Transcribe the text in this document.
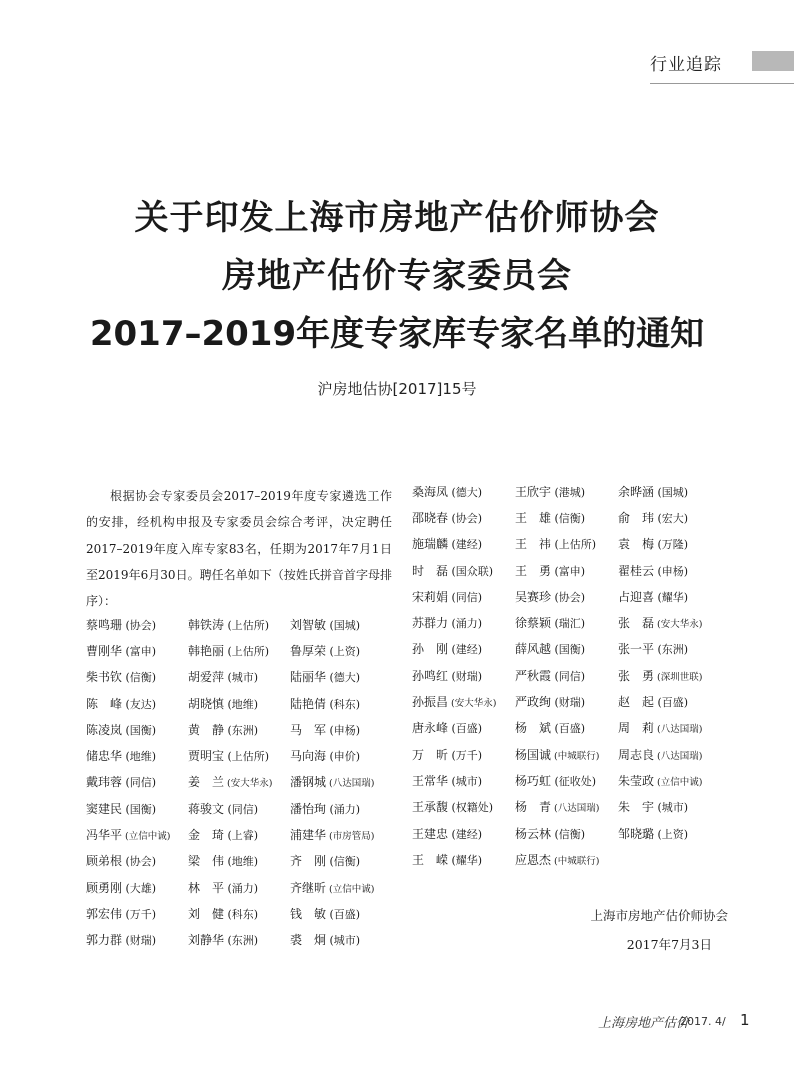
行业追踪
关于印发上海市房地产估价师协会
房地产估价专家委员会
2017–2019年度专家库专家名单的通知
沪房地估协[2017]15号

根据协会专家委员会2017–2019年度专家遴选工作的安排，经机构申报及专家委员会综合考评，决定聘任2017–2019年度入库专家83名，任期为2017年7月1日至2019年6月30日。聘任名单如下（按姓氏拼音首字母排序）：

蔡鸣珊 (协会)	韩铁涛 (上估所)	刘智敏 (国城)
曹刚华 (富申)	韩艳丽 (上估所)	鲁厚荣 (上资)
柴书钦 (信衡)	胡爱萍 (城市)	陆丽华 (德大)
陈　峰 (友达)	胡晓慎 (地维)	陆艳倩 (科东)
陈凌岚 (国衡)	黄　静 (东洲)	马　军 (申杨)
储忠华 (地维)	贾明宝 (上估所)	马向海 (申价)
戴玮蓉 (同信)	姜　兰 (安大华永)	潘钢城 (八达国瑞)
窦建民 (国衡)	蒋骏文 (同信)	潘怡珣 (涌力)
冯华平 (立信中诚)	金　琦 (上睿)	浦建华 (市房管局)
顾弟根 (协会)	梁　伟 (地维)	齐　刚 (信衡)
顾勇刚 (大雄)	林　平 (涌力)	齐继昕 (立信中诚)
郭宏伟 (万千)	刘　健 (科东)	钱　敏 (百盛)
郭力群 (财瑞)	刘静华 (东洲)	裘　炯 (城市)
桑海凤 (德大)	王欣宇 (港城)	余晔涵 (国城)
邵晓春 (协会)	王　雄 (信衡)	俞　玮 (宏大)
施瑞麟 (建经)	王　祎 (上估所)	袁　梅 (万隆)
时　磊 (国众联)	王　勇 (富申)	翟桂云 (申杨)
宋莉娟 (同信)	吴赛珍 (协会)	占迎喜 (耀华)
苏群力 (涌力)	徐蔡颖 (瑞汇)	张　磊 (安大华永)
孙　刚 (建经)	薛风越 (国衡)	张一平 (东洲)
孙鸣红 (财瑞)	严秋霞 (同信)	张　勇 (深圳世联)
孙振昌 (安大华永)	严政绚 (财瑞)	赵　起 (百盛)
唐永峰 (百盛)	杨　斌 (百盛)	周　莉 (八达国瑞)
万　昕 (万千)	杨国诚 (中城联行)	周志良 (八达国瑞)
王常华 (城市)	杨巧虹 (征收处)	朱莹政 (立信中诚)
王承馥 (权籍处)	杨　青 (八达国瑞)	朱　宇 (城市)
王建忠 (建经)	杨云林 (信衡)	邹晓璐 (上资)
王　嵘 (耀华)	应恩杰 (中城联行)
上海市房地产估价师协会
2017年7月3日
上海房地产估价
2017. 4/ 1
